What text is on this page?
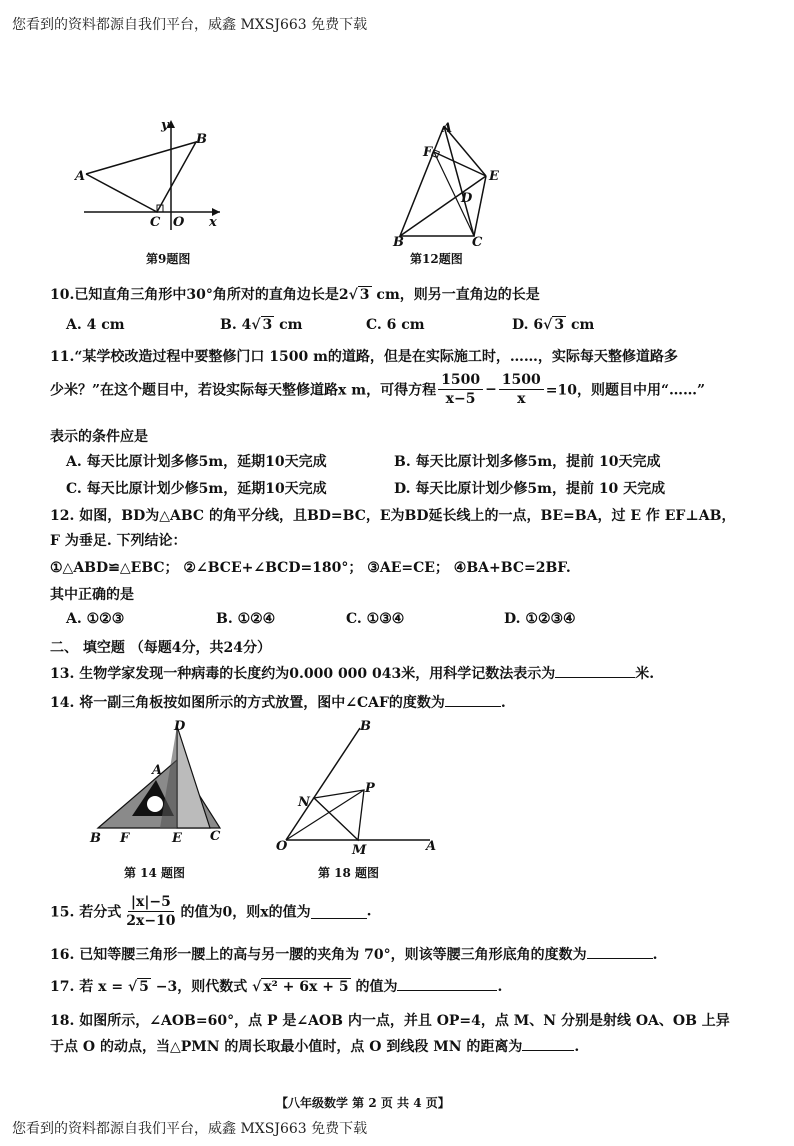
您看到的资料都源自我们平台，威鑫 MXSJ663 免费下载
y
x
A
B
C O
第9题图
A
F
E
D
B	C
第12题图
10.已知直角三角形中30°角所对的直角边长是2√ 3 cm，则另一直角边的长是
A. 4 cm	B. 4√ 3 cm	C. 6 cm	D. 6√ 3 cm
11.“某学校改造过程中要整修门口 1500 m的道路，但是在实际施工时，……，实际每天整修道路多
少米？”在这个题目中，若设实际每天整修道路x m，可得方程 $\frac{1500}{x-5} - \frac{1500}{x} =10$，则题目中用“……”
表示的条件应是
A. 每天比原计划多修5m，延期10天完成	B. 每天比原计划多修5m，提前 10天完成
C. 每天比原计划少修5m，延期10天完成	D. 每天比原计划少修5m，提前 10 天完成
12. 如图，BD为△ABC 的角平分线，且BD=BC，E为BD延长线上的一点，BE=BA，过 E 作 EF⊥AB，
F 为垂足. 下列结论：
①△ABD≌△EBC； ②∠BCE+∠BCD=180°； ③AE=CE； ④BA+BC=2BF.
其中正确的是
A. ①②③	B. ①②④	C. ①③④	D. ①②③④
二、 填空题 （每题4分，共24分）
13. 生物学家发现一种病毒的长度约为0.000 000 043米，用科学记数法表示为	米.
14. 将一副三角板按如图所示的方式放置，图中∠CAF的度数为	.
D
A
B F	E C
第 14 题图
B
P
N
O	M	A
第 18 题图
15. 若分式 $\frac{|x|-5}{2x-10}$ 的值为0，则x的值为	.
16. 已知等腰三角形一腰上的高与另一腰的夹角为 70°，则该等腰三角形底角的度数为	.
17. 若 x = √ 5 −3，则代数式 √ x² + 6x + 5 的值为	.
18. 如图所示，∠AOB=60°，点 P 是∠AOB 内一点，并且 OP=4，点 M、N 分别是射线 OA、OB 上异
于点 O 的动点，当△PMN 的周长取最小值时，点 O 到线段 MN 的距离为	.
【八年级数学 第 2 页 共 4 页】
您看到的资料都源自我们平台，威鑫 MXSJ663 免费下载
